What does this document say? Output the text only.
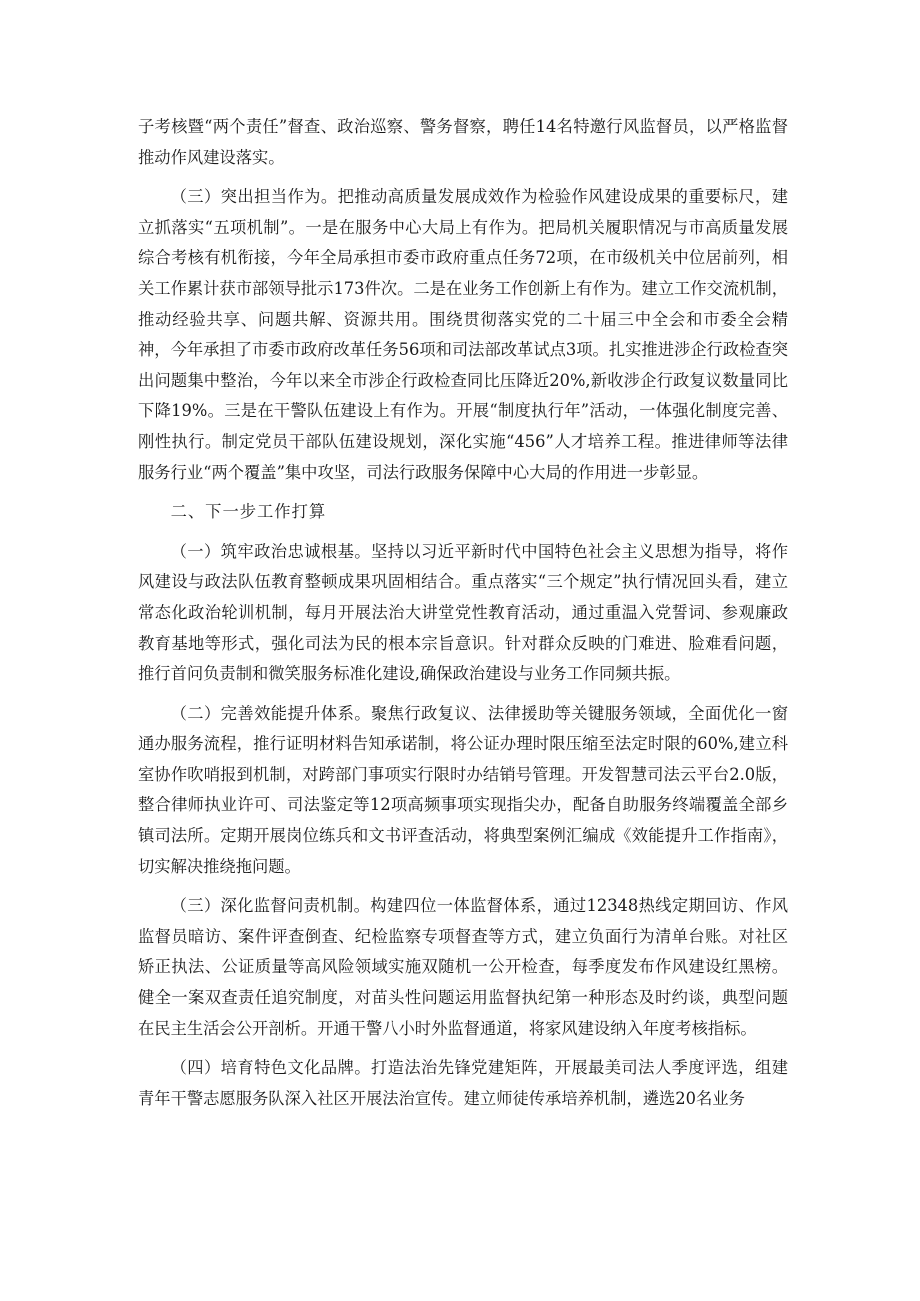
子考核暨“两个责任”督查、政治巡察、警务督察，聘任14名特邀行风监督员，以严格监督推动作风建设落实。

（三）突出担当作为。把推动高质量发展成效作为检验作风建设成果的重要标尺，建立抓落实“五项机制”。一是在服务中心大局上有作为。把局机关履职情况与市高质量发展综合考核有机衔接，今年全局承担市委市政府重点任务72项，在市级机关中位居前列，相关工作累计获市部领导批示173件次。二是在业务工作创新上有作为。建立工作交流机制，推动经验共享、问题共解、资源共用。围绕贯彻落实党的二十届三中全会和市委全会精神，今年承担了市委市政府改革任务56项和司法部改革试点3项。扎实推进涉企行政检查突出问题集中整治，今年以来全市涉企行政检查同比压降近20%,新收涉企行政复议数量同比下降19%。三是在干警队伍建设上有作为。开展“制度执行年”活动，一体强化制度完善、刚性执行。制定党员干部队伍建设规划，深化实施“456”人才培养工程。推进律师等法律服务行业“两个覆盖”集中攻坚，司法行政服务保障中心大局的作用进一步彰显。

二、下一步工作打算

（一）筑牢政治忠诚根基。坚持以习近平新时代中国特色社会主义思想为指导，将作风建设与政法队伍教育整顿成果巩固相结合。重点落实“三个规定”执行情况回头看，建立常态化政治轮训机制，每月开展法治大讲堂党性教育活动，通过重温入党誓词、参观廉政教育基地等形式，强化司法为民的根本宗旨意识。针对群众反映的门难进、脸难看问题，推行首问负责制和微笑服务标准化建设,确保政治建设与业务工作同频共振。

（二）完善效能提升体系。聚焦行政复议、法律援助等关键服务领域，全面优化一窗通办服务流程，推行证明材料告知承诺制，将公证办理时限压缩至法定时限的60%,建立科室协作吹哨报到机制，对跨部门事项实行限时办结销号管理。开发智慧司法云平台2.0版，整合律师执业许可、司法鉴定等12项高频事项实现指尖办，配备自助服务终端覆盖全部乡镇司法所。定期开展岗位练兵和文书评查活动，将典型案例汇编成《效能提升工作指南》，切实解决推绕拖问题。

（三）深化监督问责机制。构建四位一体监督体系，通过12348热线定期回访、作风监督员暗访、案件评查倒查、纪检监察专项督查等方式，建立负面行为清单台账。对社区矫正执法、公证质量等高风险领域实施双随机一公开检查，每季度发布作风建设红黑榜。健全一案双查责任追究制度，对苗头性问题运用监督执纪第一种形态及时约谈，典型问题在民主生活会公开剖析。开通干警八小时外监督通道，将家风建设纳入年度考核指标。

（四）培育特色文化品牌。打造法治先锋党建矩阵，开展最美司法人季度评选，组建青年干警志愿服务队深入社区开展法治宣传。建立师徒传承培养机制，遴选20名业务
